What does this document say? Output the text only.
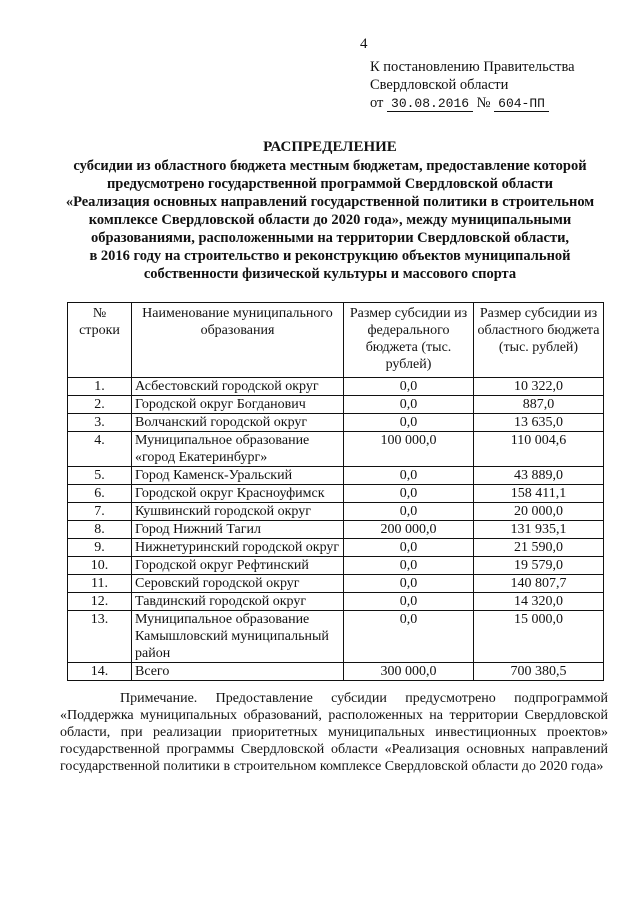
4
К постановлению Правительства
Свердловской области
от 30.08.2016 № 604-ПП

РАСПРЕДЕЛЕНИЕ

субсидии из областного бюджета местным бюджетам, предоставление которой

предусмотрено государственной программой Свердловской области

«Реализация основных направлений государственной политики в строительном

комплексе Свердловской области до 2020 года», между муниципальными

образованиями, расположенными на территории Свердловской области,

в 2016 году на строительство и реконструкцию объектов муниципальной

собственности физической культуры и массового спорта

№ строки	Наименование муниципального образования	Размер субсидии из федерального бюджета (тыс. рублей)	Размер субсидии из областного бюджета (тыс. рублей)
1.	Асбестовский городской округ	0,0	10 322,0
2.	Городской округ Богданович	0,0	887,0
3.	Волчанский городской округ	0,0	13 635,0
4.	Муниципальное образование «город Екатеринбург»	100 000,0	110 004,6
5.	Город Каменск-Уральский	0,0	43 889,0
6.	Городской округ Красноуфимск	0,0	158 411,1
7.	Кушвинский городской округ	0,0	20 000,0
8.	Город Нижний Тагил	200 000,0	131 935,1
9.	Нижнетуринский городской округ	0,0	21 590,0
10.	Городской округ Рефтинский	0,0	19 579,0
11.	Серовский городской округ	0,0	140 807,7
12.	Тавдинский городской округ	0,0	14 320,0
13.	Муниципальное образование Камышловский муниципальный район	0,0	15 000,0
14.	Всего	300 000,0	700 380,5

Примечание. Предоставление субсидии предусмотрено подпрограммой «Поддержка муниципальных образований, расположенных на территории Свердловской области, при реализации приоритетных муниципальных инвестиционных проектов» государственной программы Свердловской области «Реализация основных направлений государственной политики в строительном комплексе Свердловской области до 2020 года»
